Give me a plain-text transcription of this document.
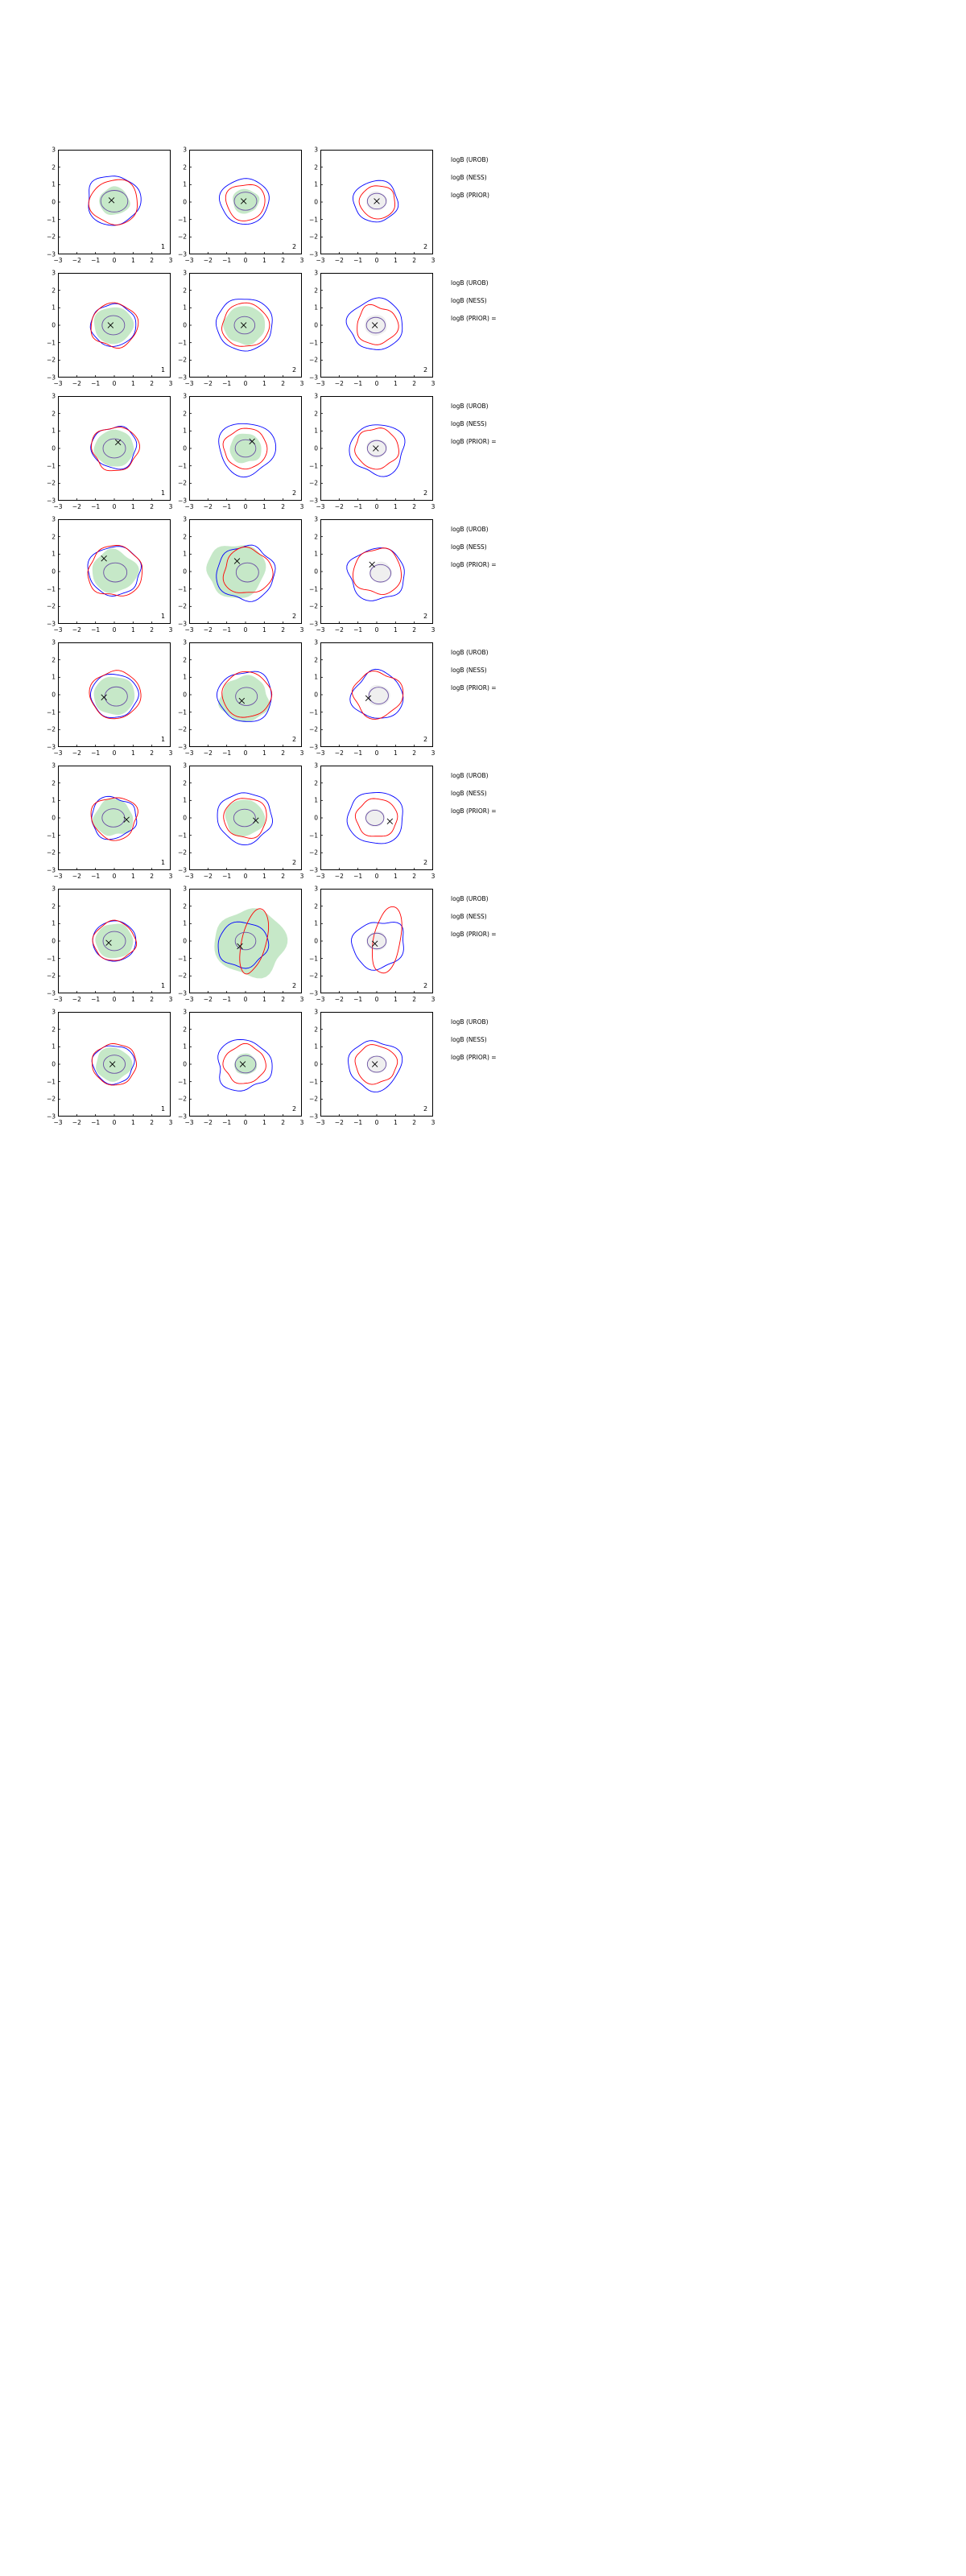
−3 −2 −1 0 1 2 3
−3
−2
−1
0
1
2
3
1
−3 −2 −1 0 1 2 3
−3
−2
−1
0
1
2
3
2
−3 −2 −1 0 1 2 3
−3
−2
−1
0
1
2
3
2
−3 −2 −1 0 1 2 3
−3
−2
−1
0
1
2
3
1
−3 −2 −1 0 1 2 3
−3
−2
−1
0
1
2
3
2
−3 −2 −1 0 1 2 3
−3
−2
−1
0
1
2
3
2
−3 −2 −1 0 1 2 3
−3
−2
−1
0
1
2
3
1
−3 −2 −1 0 1 2 3
−3
−2
−1
0
1
2
3
2
−3 −2 −1 0 1 2 3
−3
−2
−1
0
1
2
3
2
−3 −2 −1 0 1 2 3
−3
−2
−1
0
1
2
3
1
−3 −2 −1 0 1 2 3
−3
−2
−1
0
1
2
3
2
−3 −2 −1 0 1 2 3
−3
−2
−1
0
1
2
3
2
−3 −2 −1 0 1 2 3
−3
−2
−1
0
1
2
3
1
−3 −2 −1 0 1 2 3
−3
−2
−1
0
1
2
3
2
−3 −2 −1 0 1 2 3
−3
−2
−1
0
1
2
3
2
−3 −2 −1 0 1 2 3
−3
−2
−1
0
1
2
3
1
−3 −2 −1 0 1 2 3
−3
−2
−1
0
1
2
3
2
−3 −2 −1 0 1 2 3
−3
−2
−1
0
1
2
3
2
−3 −2 −1 0 1 2 3
−3
−2
−1
0
1
2
3
1
−3 −2 −1 0 1 2 3
−3
−2
−1
0
1
2
3
2
−3 −2 −1 0 1 2 3
−3
−2
−1
0
1
2
3
2
−3 −2 −1 0 1 2 3
−3
−2
−1
0
1
2
3
1
−3 −2 −1 0 1 2 3
−3
−2
−1
0
1
2
3
2
−3 −2 −1 0 1 2 3
−3
−2
−1
0
1
2
3
2
logB (UROB)
logB (NESS)
logB (PRIOR)
logB (UROB)
logB (NESS)
logB (PRIOR) =
logB (UROB)
logB (NESS)
logB (PRIOR) =
logB (UROB)
logB (NESS)
logB (PRIOR) =
logB (UROB)
logB (NESS)
logB (PRIOR) =
logB (UROB)
logB (NESS)
logB (PRIOR) =
logB (UROB)
logB (NESS)
logB (PRIOR) =
logB (UROB)
logB (NESS)
logB (PRIOR) =
